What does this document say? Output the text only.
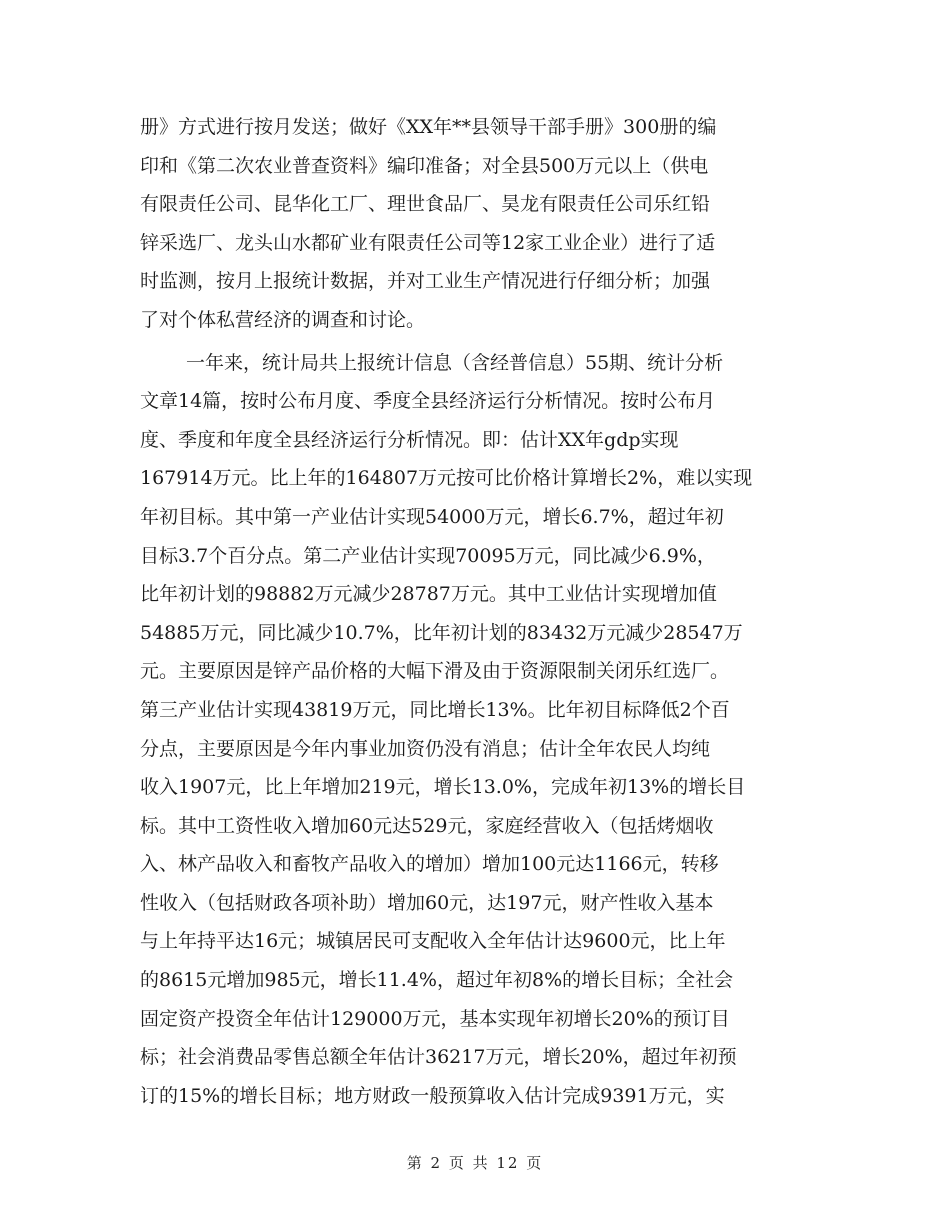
册》方式进行按月发送；做好《XX年**县领导干部手册》300册的编
印和《第二次农业普查资料》编印准备；对全县500万元以上（供电
有限责任公司、昆华化工厂、理世食品厂、昊龙有限责任公司乐红铅
锌采选厂、龙头山水都矿业有限责任公司等12家工业企业）进行了适
时监测，按月上报统计数据，并对工业生产情况进行仔细分析；加强
了对个体私营经济的调查和讨论。
一年来，统计局共上报统计信息（含经普信息）55期、统计分析
文章14篇，按时公布月度、季度全县经济运行分析情况。按时公布月
度、季度和年度全县经济运行分析情况。即：估计XX年gdp实现
167914万元。比上年的164807万元按可比价格计算增长2%，难以实现
年初目标。其中第一产业估计实现54000万元，增长6.7%，超过年初
目标3.7个百分点。第二产业估计实现70095万元，同比减少6.9%，
比年初计划的98882万元减少28787万元。其中工业估计实现增加值
54885万元，同比减少10.7%，比年初计划的83432万元减少28547万
元。主要原因是锌产品价格的大幅下滑及由于资源限制关闭乐红选厂。
第三产业估计实现43819万元，同比增长13%。比年初目标降低2个百
分点，主要原因是今年内事业加资仍没有消息；估计全年农民人均纯
收入1907元，比上年增加219元，增长13.0%，完成年初13%的增长目
标。其中工资性收入增加60元达529元，家庭经营收入（包括烤烟收
入、林产品收入和畜牧产品收入的增加）增加100元达1166元，转移
性收入（包括财政各项补助）增加60元，达197元，财产性收入基本
与上年持平达16元；城镇居民可支配收入全年估计达9600元，比上年
的8615元增加985元，增长11.4%，超过年初8%的增长目标；全社会
固定资产投资全年估计129000万元，基本实现年初增长20%的预订目
标；社会消费品零售总额全年估计36217万元，增长20%，超过年初预
订的15%的增长目标；地方财政一般预算收入估计完成9391万元，实
第 2 页 共 12 页
